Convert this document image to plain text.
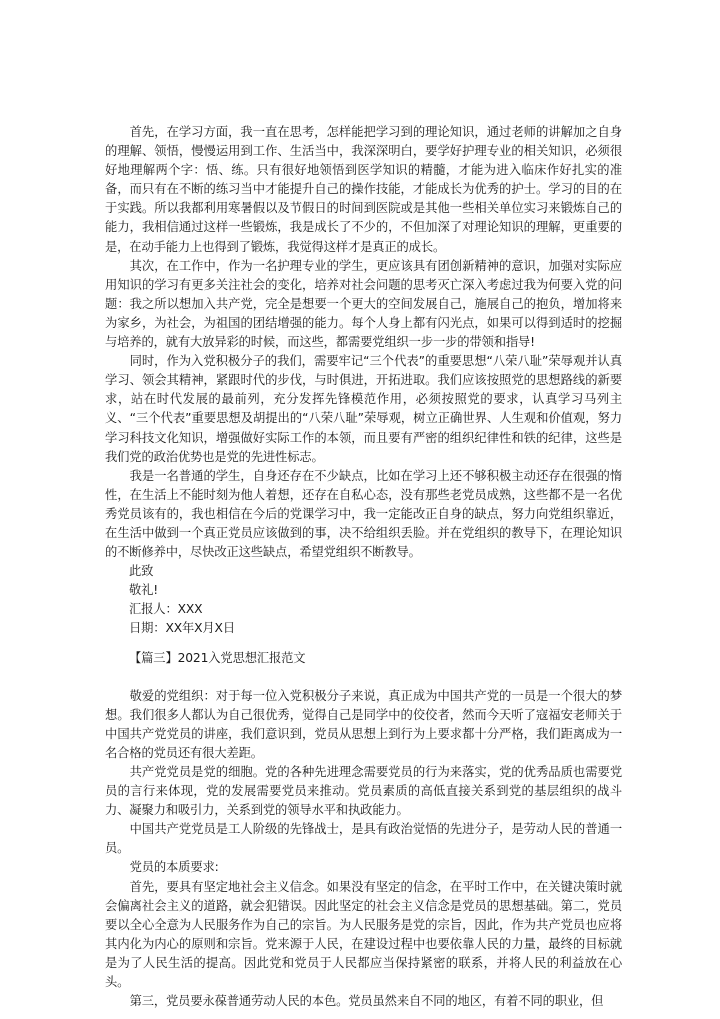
首先，在学习方面，我一直在思考，怎样能把学习到的理论知识，通过老师的讲解加之自身的理解、领悟，慢慢运用到工作、生活当中，我深深明白，要学好护理专业的相关知识，必须很好地理解两个字：悟、练。只有很好地领悟到医学知识的精髓，才能为进入临床作好扎实的准备，而只有在不断的练习当中才能提升自己的操作技能，才能成长为优秀的护士。学习的目的在于实践。所以我都利用寒暑假以及节假日的时间到医院或是其他一些相关单位实习来锻炼自己的能力，我相信通过这样一些锻炼，我是成长了不少的，不但加深了对理论知识的理解，更重要的是，在动手能力上也得到了锻炼，我觉得这样才是真正的成长。

其次，在工作中，作为一名护理专业的学生，更应该具有团创新精神的意识，加强对实际应用知识的学习有更多关注社会的变化，培养对社会问题的思考灭亡深入考虑过我为何要入党的问题：我之所以想加入共产党，完全是想要一个更大的空间发展自己，施展自己的抱负，增加将来为家乡，为社会，为祖国的团结增强的能力。每个人身上都有闪光点，如果可以得到适时的挖掘与培养的，就有大放异彩的时候，而这些，都需要党组织一步一步的带领和指导!

同时，作为入党积极分子的我们，需要牢记“三个代表”的重要思想“八荣八耻”荣辱观并认真学习、领会其精神，紧跟时代的步伐，与时俱进，开拓进取。我们应该按照党的思想路线的新要求，站在时代发展的最前列，充分发挥先锋模范作用，必须按照党的要求，认真学习马列主义、“三个代表”重要思想及胡提出的“八荣八耻”荣辱观，树立正确世界、人生观和价值观，努力学习科技文化知识，增强做好实际工作的本领，而且要有严密的组织纪律性和铁的纪律，这些是我们党的政治优势也是党的先进性标志。

我是一名普通的学生，自身还存在不少缺点，比如在学习上还不够积极主动还存在很强的惰性，在生活上不能时刻为他人着想，还存在自私心态，没有那些老党员成熟，这些都不是一名优秀党员该有的，我也相信在今后的党课学习中，我一定能改正自身的缺点，努力向党组织靠近，在生活中做到一个真正党员应该做到的事，决不给组织丢脸。并在党组织的教导下，在理论知识的不断修养中，尽快改正这些缺点，希望党组织不断教导。

此致
敬礼!
汇报人：XXX
日期：XX年X月X日
【篇三】2021入党思想汇报范文

敬爱的党组织：对于每一位入党积极分子来说，真正成为中国共产党的一员是一个很大的梦想。我们很多人都认为自己很优秀，觉得自己是同学中的佼佼者，然而今天听了寇福安老师关于中国共产党党员的讲座，我们意识到，党员从思想上到行为上要求都十分严格，我们距离成为一名合格的党员还有很大差距。

共产党党员是党的细胞。党的各种先进理念需要党员的行为来落实，党的优秀品质也需要党员的言行来体现，党的发展需要党员来推动。党员素质的高低直接关系到党的基层组织的战斗力、凝聚力和吸引力，关系到党的领导水平和执政能力。

中国共产党党员是工人阶级的先锋战士，是具有政治觉悟的先进分子，是劳动人民的普通一员。

党员的本质要求:

首先，要具有坚定地社会主义信念。如果没有坚定的信念，在平时工作中，在关键决策时就会偏离社会主义的道路，就会犯错误。因此坚定的社会主义信念是党员的思想基础。第二，党员要以全心全意为人民服务作为自己的宗旨。为人民服务是党的宗旨，因此，作为共产党员也应将其内化为内心的原则和宗旨。党来源于人民，在建设过程中也要依靠人民的力量，最终的目标就是为了人民生活的提高。因此党和党员于人民都应当保持紧密的联系，并将人民的利益放在心头。

第三，党员要永葆普通劳动人民的本色。党员虽然来自不同的地区，有着不同的职业，但
